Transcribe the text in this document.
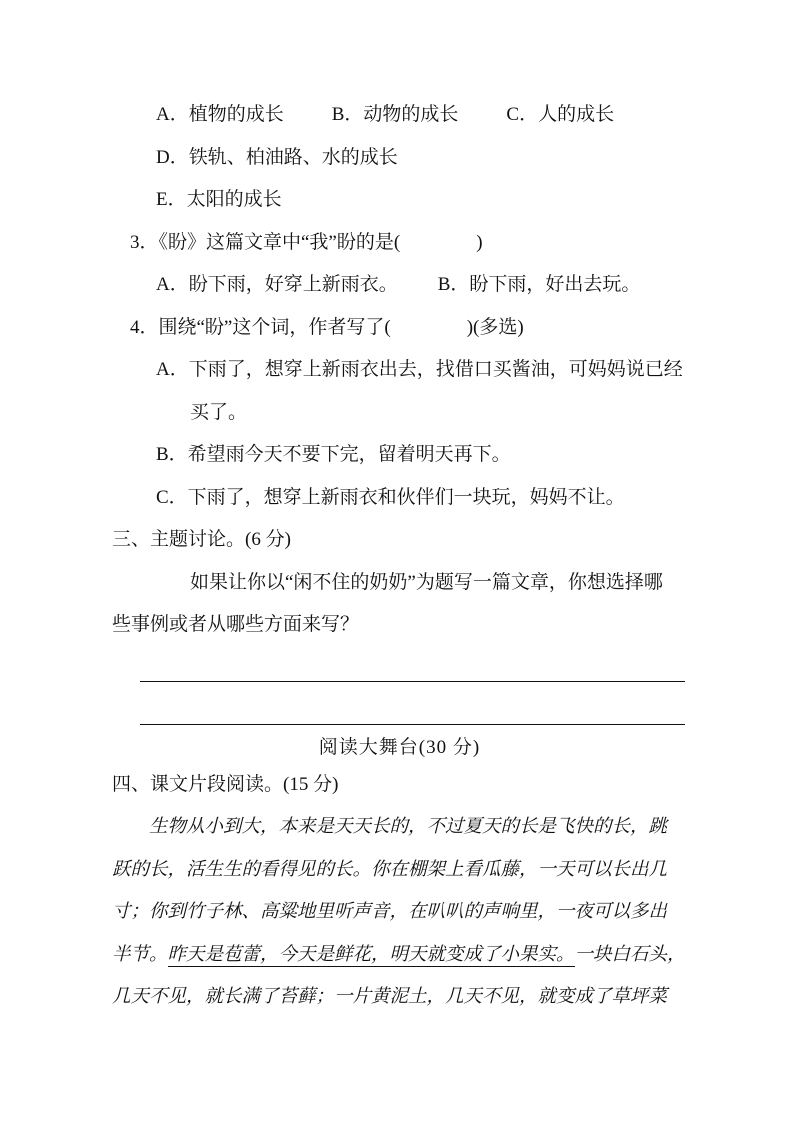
A．植物的成长	B．动物的成长	C．人的成长
D．铁轨、柏油路、水的成长
E．太阳的成长
3．《盼》这篇文章中“我”盼的是(　　　　)
A．盼下雨，好穿上新雨衣。 B．盼下雨，好出去玩。
4．围绕“盼”这个词，作者写了(　　　　)(多选)
A．下雨了，想穿上新雨衣出去，找借口买酱油，可妈妈说已经
买了。
B．希望雨今天不要下完，留着明天再下。
C．下雨了，想穿上新雨衣和伙伴们一块玩，妈妈不让。
三、主题讨论。(6 分)
如果让你以“闲不住的奶奶”为题写一篇文章，你想选择哪
些事例或者从哪些方面来写？
阅读大舞台(30 分)
四、课文片段阅读。(15 分)
生物从小到大，本来是天天长的，不过夏天的长是飞快的长，跳
跃的长，活生生的看得见的长。你在棚架上看瓜藤，一天可以长出几
寸；你到竹子林、高粱地里听声音，在叭叭的声响里，一夜可以多出
半节。昨天是苞蕾，今天是鲜花，明天就变成了小果实。一块白石头，
几天不见，就长满了苔藓；一片黄泥土，几天不见，就变成了草坪菜
